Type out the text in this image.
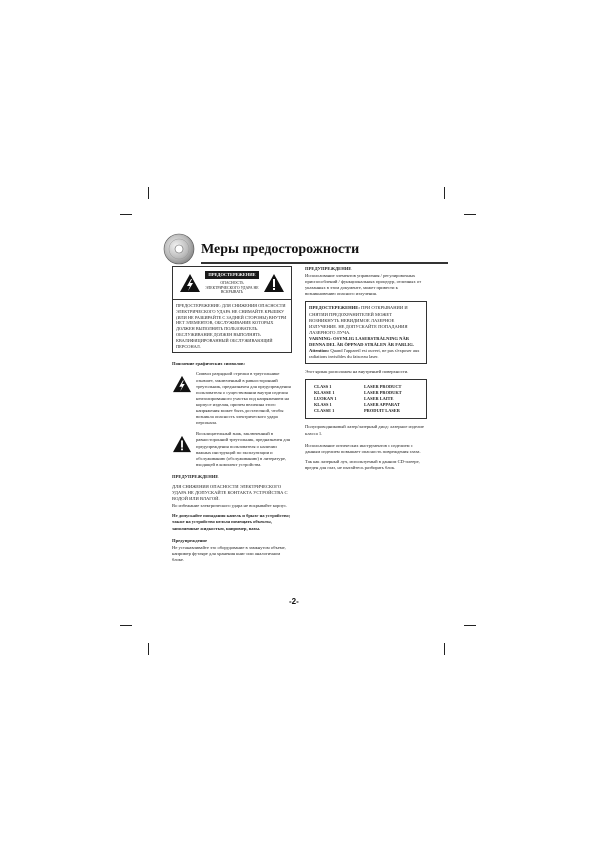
Меры предосторожности
ПРЕДОСТЕРЕЖЕНИЕ
ОПАСНОСТЬ ЭЛЕКТРИЧЕСКОГО УДАРА НЕ ВСКРЫВАТЬ
ПРЕДОСТЕРЕЖЕНИЕ: ДЛЯ СНИЖЕНИЯ ОПАСНОСТИ ЭЛЕКТРИЧЕСКОГО УДАРА НЕ СНИМАЙТЕ КРЫШКУ (ИЛИ НЕ РАЗБИРАЙТЕ С ЗАДНЕЙ СТОРОНЫ) ВНУТРИ НЕТ ЭЛЕМЕНТОВ, ОБСЛУЖИВАНИЕ КОТОРЫХ ДОЛЖЕН ВЫПОЛНЯТЬ ПОЛЬЗОВАТЕЛЬ. ОБСЛУЖИВАНИЕ ДОЛЖЕН ВЫПОЛНЯТЬ КВАЛИФИЦИРОВАННЫЙ ОБСЛУЖИВАЮЩИЙ ПЕРСОНАЛ.

Пояснение графических символов:

Символ разрядной стрелки в треугольнике означает, заключенный в равносторонний треугольник, предназначен для предупреждения пользователя о существовании внутри изделия неизолированного участка под напряжением на корпусе изделия, причем величина этого напряжения может быть достаточной, чтобы возникла опасность электрического удара персонала.
Восклицательный знак, заключенный в равносторонний треугольник, предназначен для предупреждения пользователя о наличии важных инструкций по эксплуатации и обслуживанию (обслуживанию) в литературе, входящей в комплект устройства.

ПРЕДУПРЕЖДЕНИЕ

ДЛЯ СНИЖЕНИЯ ОПАСНОСТИ ЭЛЕКТРИЧЕСКОГО УДАРА НЕ ДОПУСКАЙТЕ КОНТАКТА УСТРОЙСТВА С ВОДОЙ ИЛИ ВЛАГОЙ.

Во избежание электрического удара не вскрывайте корпус.

Не допускайте попадания капель и брызг на устройство; также на устройство нельзя помещать объекты, заполненные жидкостью, например, вазы.

Предупреждение

Не устанавливайте это оборудование в замкнутом объеме, например футляре для хранения книг или аналогичном блоке.

ПРЕДУПРЕЖДЕНИЕ

Использование элементов управления / регулировочных приспособлений / функциональных процедур, отличных от указанных в этом документе, может привести к возникновению опасного излучения.

ПРЕДОСТЕРЕЖЕНИЕ: ПРИ ОТКРЫВАНИИ И СНЯТИИ ПРЕДОХРАНИТЕЛЕЙ МОЖЕТ ВОЗНИКНУТЬ НЕВИДИМОЕ ЛАЗЕРНОЕ ИЗЛУЧЕНИЕ. НЕ ДОПУСКАЙТЕ ПОПАДАНИЯ ЛАЗЕРНОГО ЛУЧА.
VARNING: OSYNLIG LASERSTRÅLNING NÄR DENNA DEL ÄR ÖPPNAD STRÅLEN ÄR FARLIG.
Attention: Quand l'appareil est ouvert, ne pas s'exposer aux radiations invisibles du faisceau laser.

Этот ярлык расположен на внутренней поверхности.

CLASS 1	LASER PRODUCT
KLASSE 1	LASER PRODUKT
LUOKAN 1	LASER LAITE
KLASS 1	LASER APPARAT
CLASSE 1	PRODUIT LASER

Полупроводниковый лазер/лазерный диод: лазерное изделие класса 1.

Использование оптических инструментов с изделием с данным изделием повышает опасность повреждения глаза.

Так как лазерный луч, используемый в данном CD-плеере, вреден для глаз, не пытайтесь разбирать блок.

-2-
